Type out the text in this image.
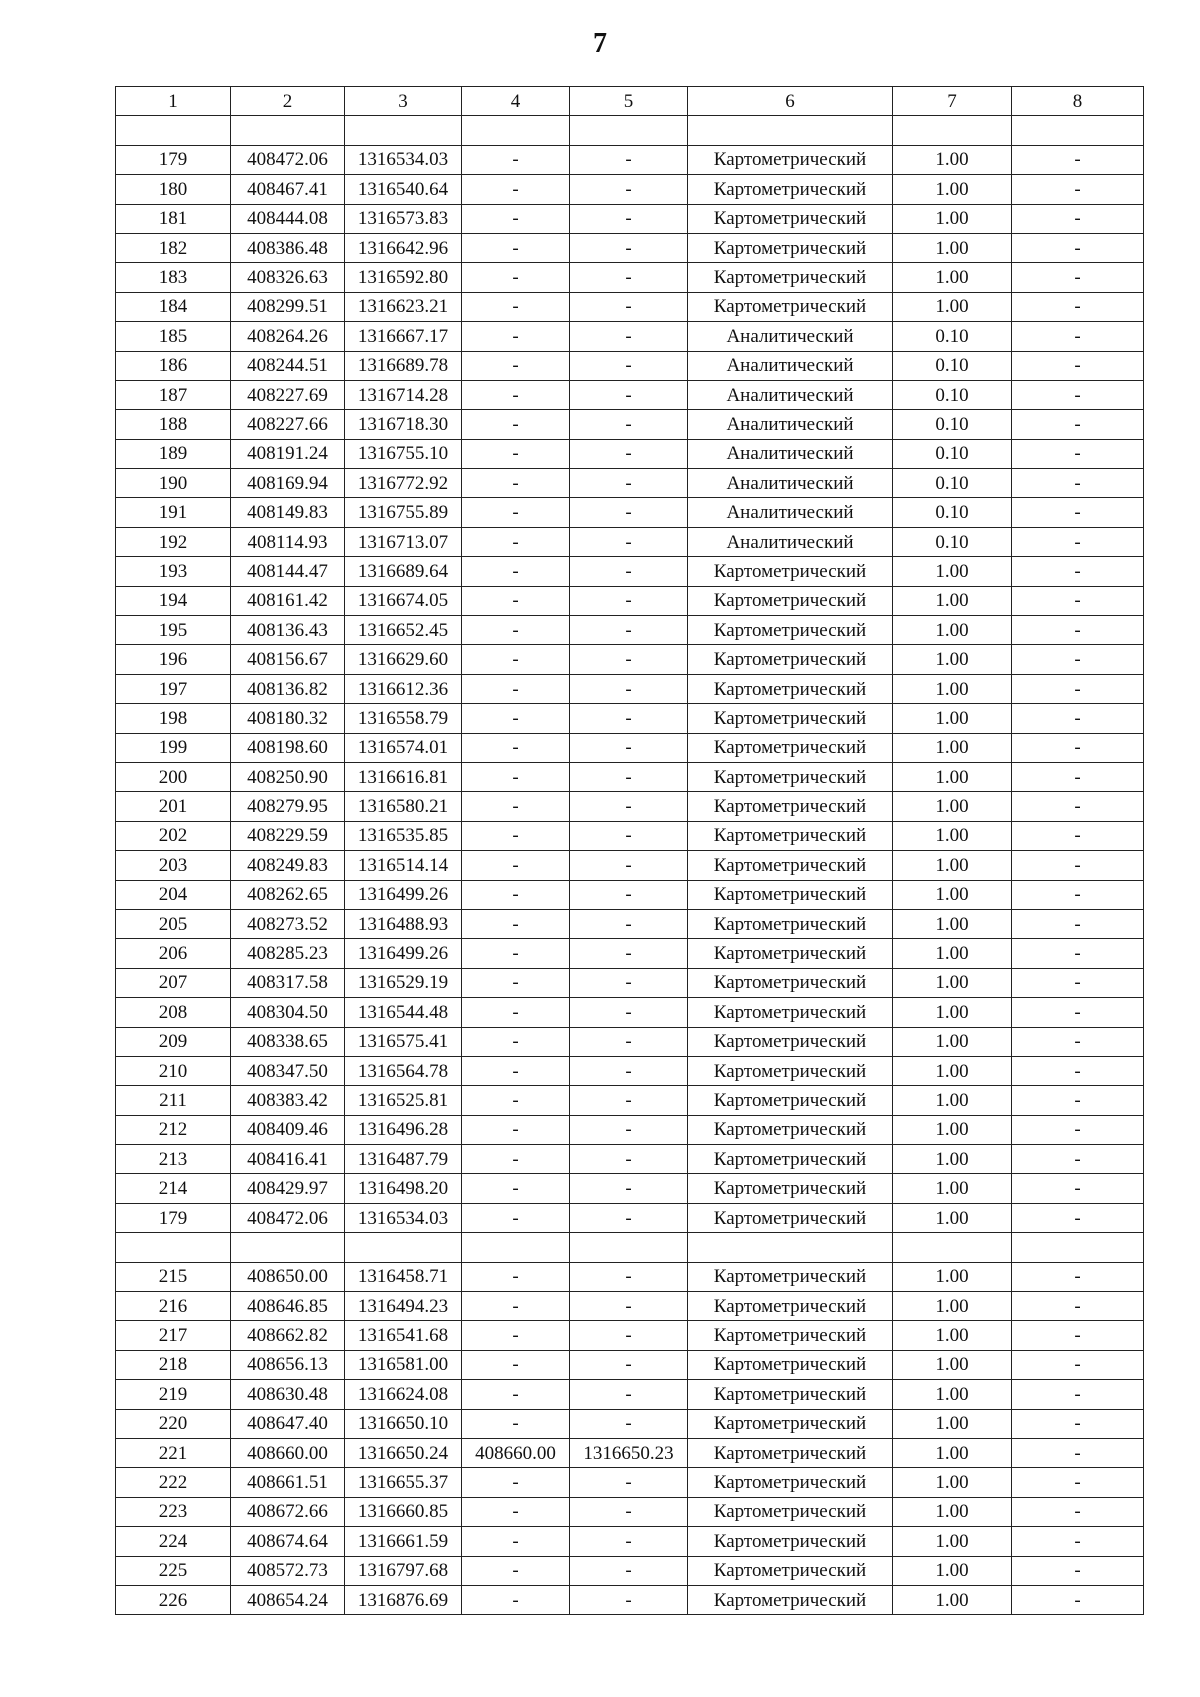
7
1	2	3	4	5	6	7	8

179	408472.06	1316534.03	-	-	Картометрический	1.00	-
180	408467.41	1316540.64	-	-	Картометрический	1.00	-
181	408444.08	1316573.83	-	-	Картометрический	1.00	-
182	408386.48	1316642.96	-	-	Картометрический	1.00	-
183	408326.63	1316592.80	-	-	Картометрический	1.00	-
184	408299.51	1316623.21	-	-	Картометрический	1.00	-
185	408264.26	1316667.17	-	-	Аналитический	0.10	-
186	408244.51	1316689.78	-	-	Аналитический	0.10	-
187	408227.69	1316714.28	-	-	Аналитический	0.10	-
188	408227.66	1316718.30	-	-	Аналитический	0.10	-
189	408191.24	1316755.10	-	-	Аналитический	0.10	-
190	408169.94	1316772.92	-	-	Аналитический	0.10	-
191	408149.83	1316755.89	-	-	Аналитический	0.10	-
192	408114.93	1316713.07	-	-	Аналитический	0.10	-
193	408144.47	1316689.64	-	-	Картометрический	1.00	-
194	408161.42	1316674.05	-	-	Картометрический	1.00	-
195	408136.43	1316652.45	-	-	Картометрический	1.00	-
196	408156.67	1316629.60	-	-	Картометрический	1.00	-
197	408136.82	1316612.36	-	-	Картометрический	1.00	-
198	408180.32	1316558.79	-	-	Картометрический	1.00	-
199	408198.60	1316574.01	-	-	Картометрический	1.00	-
200	408250.90	1316616.81	-	-	Картометрический	1.00	-
201	408279.95	1316580.21	-	-	Картометрический	1.00	-
202	408229.59	1316535.85	-	-	Картометрический	1.00	-
203	408249.83	1316514.14	-	-	Картометрический	1.00	-
204	408262.65	1316499.26	-	-	Картометрический	1.00	-
205	408273.52	1316488.93	-	-	Картометрический	1.00	-
206	408285.23	1316499.26	-	-	Картометрический	1.00	-
207	408317.58	1316529.19	-	-	Картометрический	1.00	-
208	408304.50	1316544.48	-	-	Картометрический	1.00	-
209	408338.65	1316575.41	-	-	Картометрический	1.00	-
210	408347.50	1316564.78	-	-	Картометрический	1.00	-
211	408383.42	1316525.81	-	-	Картометрический	1.00	-
212	408409.46	1316496.28	-	-	Картометрический	1.00	-
213	408416.41	1316487.79	-	-	Картометрический	1.00	-
214	408429.97	1316498.20	-	-	Картометрический	1.00	-
179	408472.06	1316534.03	-	-	Картометрический	1.00	-

215	408650.00	1316458.71	-	-	Картометрический	1.00	-
216	408646.85	1316494.23	-	-	Картометрический	1.00	-
217	408662.82	1316541.68	-	-	Картометрический	1.00	-
218	408656.13	1316581.00	-	-	Картометрический	1.00	-
219	408630.48	1316624.08	-	-	Картометрический	1.00	-
220	408647.40	1316650.10	-	-	Картометрический	1.00	-
221	408660.00	1316650.24	408660.00	1316650.23	Картометрический	1.00	-
222	408661.51	1316655.37	-	-	Картометрический	1.00	-
223	408672.66	1316660.85	-	-	Картометрический	1.00	-
224	408674.64	1316661.59	-	-	Картометрический	1.00	-
225	408572.73	1316797.68	-	-	Картометрический	1.00	-
226	408654.24	1316876.69	-	-	Картометрический	1.00	-
